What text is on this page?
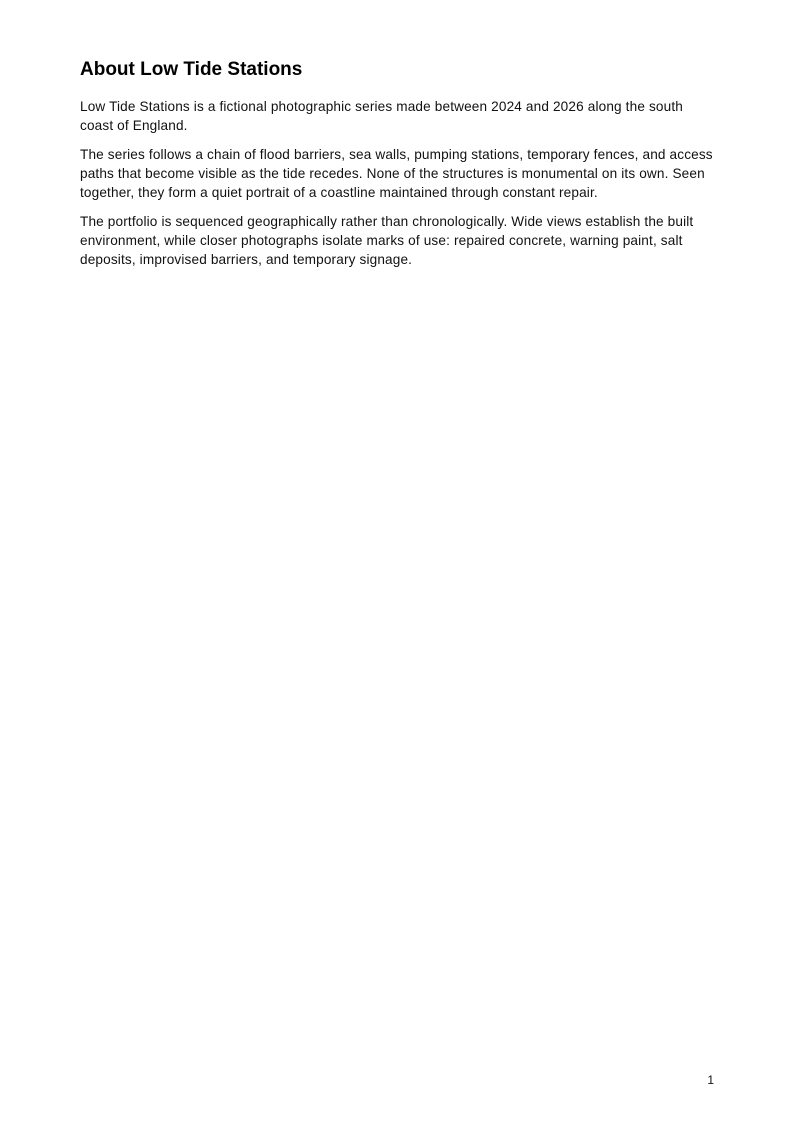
About Low Tide Stations

Low Tide Stations is a fictional photographic series made between 2024 and 2026 along the south coast of England.

The series follows a chain of flood barriers, sea walls, pumping stations, temporary fences, and access paths that become visible as the tide recedes. None of the structures is monumental on its own. Seen together, they form a quiet portrait of a coastline maintained through constant repair.

The portfolio is sequenced geographically rather than chronologically. Wide views establish the built environment, while closer photographs isolate marks of use: repaired concrete, warning paint, salt deposits, improvised barriers, and temporary signage.

1
